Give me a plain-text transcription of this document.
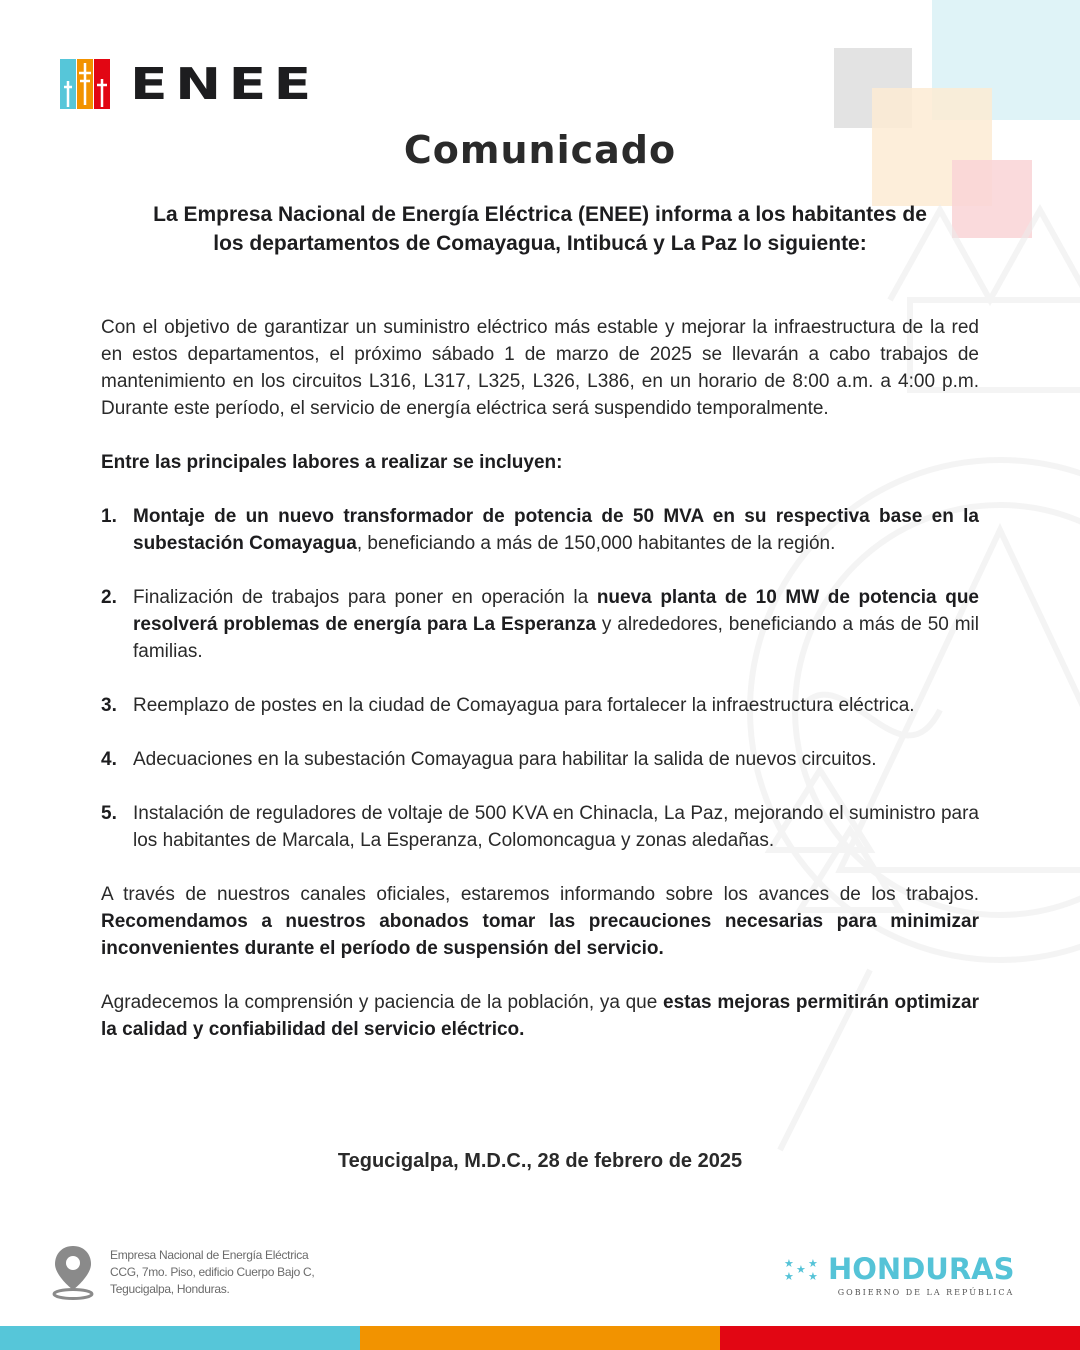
ENEE
Comunicado
La Empresa Nacional de Energía Eléctrica (ENEE) informa a los habitantes de
los departamentos de Comayagua, Intibucá y La Paz lo siguiente:

Con el objetivo de garantizar un suministro eléctrico más estable y mejorar la infraestructura de la red en estos departamentos, el próximo sábado 1 de marzo de 2025 se llevarán a cabo trabajos de mantenimiento en los circuitos L316, L317, L325, L326, L386, en un horario de 8:00 a.m. a 4:00 p.m. Durante este período, el servicio de energía eléctrica será suspendido temporalmente.

Entre las principales labores a realizar se incluyen:

1. Montaje de un nuevo transformador de potencia de 50 MVA en su respectiva base en la subestación Comayagua, beneficiando a más de 150,000 habitantes de la región.
2. Finalización de trabajos para poner en operación la nueva planta de 10 MW de potencia que resolverá problemas de energía para La Esperanza y alrededores, beneficiando a más de 50 mil familias.
3. Reemplazo de postes en la ciudad de Comayagua para fortalecer la infraestructura eléctrica.
4. Adecuaciones en la subestación Comayagua para habilitar la salida de nuevos circuitos.
5. Instalación de reguladores de voltaje de 500 KVA en Chinacla, La Paz, mejorando el suministro para los habitantes de Marcala, La Esperanza, Colomoncagua y zonas aledañas.

A través de nuestros canales oficiales, estaremos informando sobre los avances de los trabajos. Recomendamos a nuestros abonados tomar las precauciones necesarias para minimizar inconvenientes durante el período de suspensión del servicio.

Agradecemos la comprensión y paciencia de la población, ya que estas mejoras permitirán optimizar la calidad y confiabilidad del servicio eléctrico.

Tegucigalpa, M.D.C., 28 de febrero de 2025
Empresa Nacional de Energía Eléctrica
CCG, 7mo. Piso, edificio Cuerpo Bajo C,
Tegucigalpa, Honduras.
★ ★
★
★ ★ HONDURAS
GOBIERNO DE LA REPÚBLICA
